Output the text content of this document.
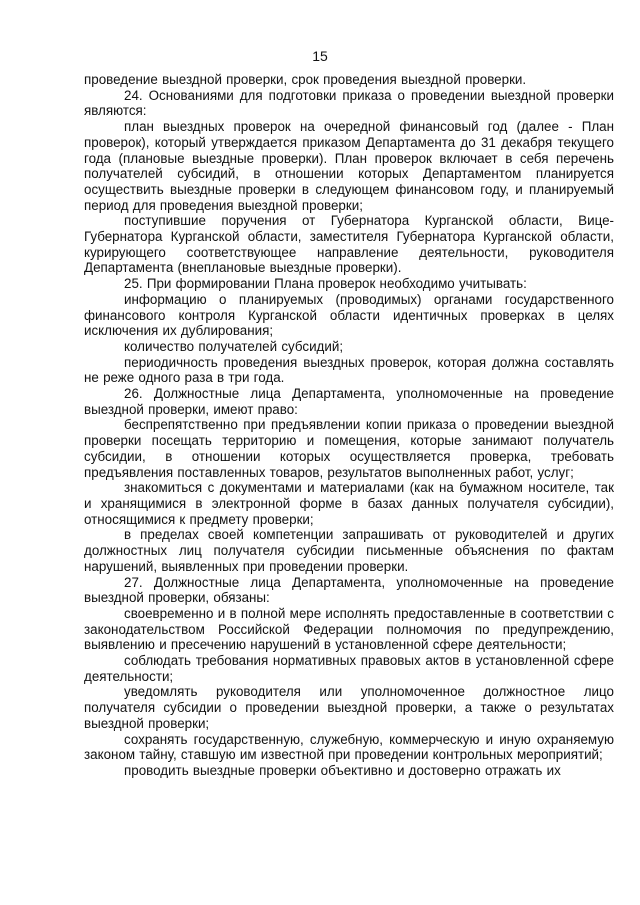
15

проведение выездной проверки, срок проведения выездной проверки.

24. Основаниями для подготовки приказа о проведении выездной проверки являются:

план выездных проверок на очередной финансовый год (далее - План проверок), который утверждается приказом Департамента до 31 декабря текущего года (плановые выездные проверки). План проверок включает в себя перечень получателей субсидий, в отношении которых Департаментом планируется осуществить выездные проверки в следующем финансовом году, и планируемый период для проведения выездной проверки;

поступившие поручения от Губернатора Курганской области, Вице-Губернатора Курганской области, заместителя Губернатора Курганской области, курирующего соответствующее направление деятельности, руководителя Департамента (внеплановые выездные проверки).

25. При формировании Плана проверок необходимо учитывать:

информацию о планируемых (проводимых) органами государственного финансового контроля Курганской области идентичных проверках в целях исключения их дублирования;

количество получателей субсидий;

периодичность проведения выездных проверок, которая должна составлять не реже одного раза в три года.

26. Должностные лица Департамента, уполномоченные на проведение выездной проверки, имеют право:

беспрепятственно при предъявлении копии приказа о проведении выездной проверки посещать территорию и помещения, которые занимают получатель субсидии, в отношении которых осуществляется проверка, требовать предъявления поставленных товаров, результатов выполненных работ, услуг;

знакомиться с документами и материалами (как на бумажном носителе, так и хранящимися в электронной форме в базах данных получателя субсидии), относящимися к предмету проверки;

в пределах своей компетенции запрашивать от руководителей и других должностных лиц получателя субсидии письменные объяснения по фактам нарушений, выявленных при проведении проверки.

27. Должностные лица Департамента, уполномоченные на проведение выездной проверки, обязаны:

своевременно и в полной мере исполнять предоставленные в соответствии с законодательством Российской Федерации полномочия по предупреждению, выявлению и пресечению нарушений в установленной сфере деятельности;

соблюдать требования нормативных правовых актов в установленной сфере деятельности;

уведомлять руководителя или уполномоченное должностное лицо получателя субсидии о проведении выездной проверки, а также о результатах выездной проверки;

сохранять государственную, служебную, коммерческую и иную охраняемую законом тайну, ставшую им известной при проведении контрольных мероприятий;

проводить выездные проверки объективно и достоверно отражать их
